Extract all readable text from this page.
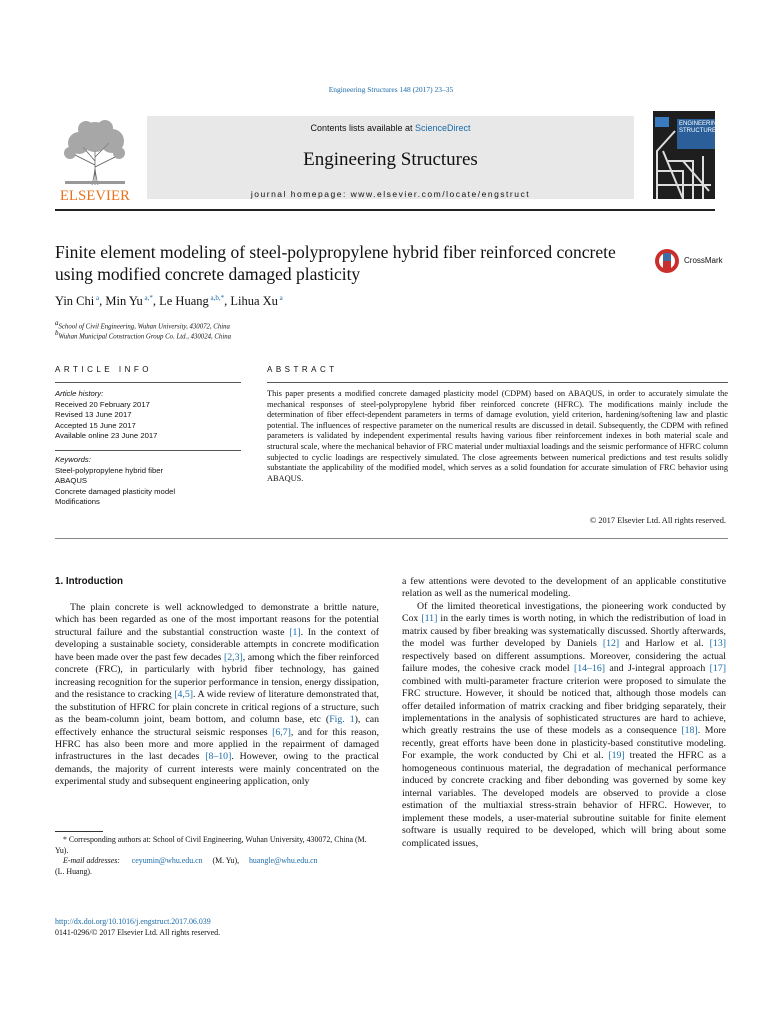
Engineering Structures 148 (2017) 23–35
ELSEVIER
Contents lists available at ScienceDirect
Engineering Structures
journal homepage: www.elsevier.com/locate/engstruct
ENGINEERING STRUCTURES
Finite element modeling of steel-polypropylene hybrid fiber reinforced concrete using modified concrete damaged plasticity
CrossMark
Yin Chi $^a$, Min Yu $^{a,*}$, Le Huang $^{a,b,*}$, Lihua Xu $^a$
$^a$School of Civil Engineering, Wuhan University, 430072, China
$^b$Wuhan Municipal Construction Group Co. Ltd., 430024, China
ARTICLE INFO
Article history:
Received 20 February 2017
Revised 13 June 2017
Accepted 15 June 2017
Available online 23 June 2017
Keywords:
Steel-polypropylene hybrid fiber
ABAQUS
Concrete damaged plasticity model
Modifications
ABSTRACT
This paper presents a modified concrete damaged plasticity model (CDPM) based on ABAQUS, in order to accurately simulate the mechanical responses of steel-polypropylene hybrid fiber reinforced concrete (HFRC). The modifications mainly include the determination of fiber effect-dependent parameters in terms of damage evolution, yield criterion, hardening/softening law and plastic potential. The influences of respective parameter on the numerical results are discussed in detail. Subsequently, the CDPM with refined parameters is validated by independent experimental results having various fiber reinforcement indexes in both material scale and structural scale, where the mechanical behavior of FRC material under multiaxial loadings and the seismic performance of HFRC column subjected to cyclic loadings are respectively simulated. The close agreements between numerical predictions and test results solidly substantiate the applicability of the modified model, which serves as a solid foundation for accurate simulation of FRC behavior using ABAQUS.
© 2017 Elsevier Ltd. All rights reserved.
1. Introduction

The plain concrete is well acknowledged to demonstrate a brittle nature, which has been regarded as one of the most important reasons for the potential structural failure and the substantial construction waste [1]. In the context of developing a sustainable society, considerable attempts in concrete modification have been made over the past few decades [2,3], among which the fiber reinforced concrete (FRC), in particularly with hybrid fiber technology, has gained increasing recognition for the superior performance in tension, energy dissipation, and the resistance to cracking [4,5]. A wide review of literature demonstrated that, the substitution of HFRC for plain concrete in critical regions of a structure, such as the beam-column joint, beam bottom, and column base, etc (Fig. 1), can effectively enhance the structural seismic responses [6,7], and for this reason, HFRC has also been more and more applied in the repairment of damaged infrastructures in the last decades [8–10]. However, owing to the practical demands, the majority of current interests were mainly concentrated on the experimental study and subsequent engineering application, only

a few attentions were devoted to the development of an applicable constitutive relation as well as the numerical modeling.

Of the limited theoretical investigations, the pioneering work conducted by Cox [11] in the early times is worth noting, in which the redistribution of load in matrix caused by fiber breaking was systematically discussed. Shortly afterwards, the model was further developed by Daniels [12] and Harlow et al. [13] respectively based on different assumptions. Moreover, considering the actual failure modes, the cohesive crack model [14–16] and J-integral approach [17] combined with multi-parameter fracture criterion were proposed to simulate the FRC structure. However, it should be noticed that, although those models can offer detailed information of matrix cracking and fiber bridging separately, their implementations in the analysis of sophisticated structures are hard to achieve, which greatly restrains the use of these models as a consequence [18]. More recently, great efforts have been done in plasticity-based constitutive modeling. For example, the work conducted by Chi et al. [19] treated the HFRC as a homogeneous continuous material, the degradation of mechanical performance induced by concrete cracking and fiber debonding was governed by some key internal variables. The developed models are observed to provide a close estimation of the multiaxial stress-strain behavior of HFRC. However, to implement these models, a user-material subroutine suitable for finite element software is usually required to be developed, which will bring about some complicated issues,

* Corresponding authors at: School of Civil Engineering, Wuhan University, 430072, China (M. Yu).
E-mail addresses: ceyumin@whu.edu.cn (M. Yu), huangle@whu.edu.cn
(L. Huang).
http://dx.doi.org/10.1016/j.engstruct.2017.06.039
0141-0296/© 2017 Elsevier Ltd. All rights reserved.
